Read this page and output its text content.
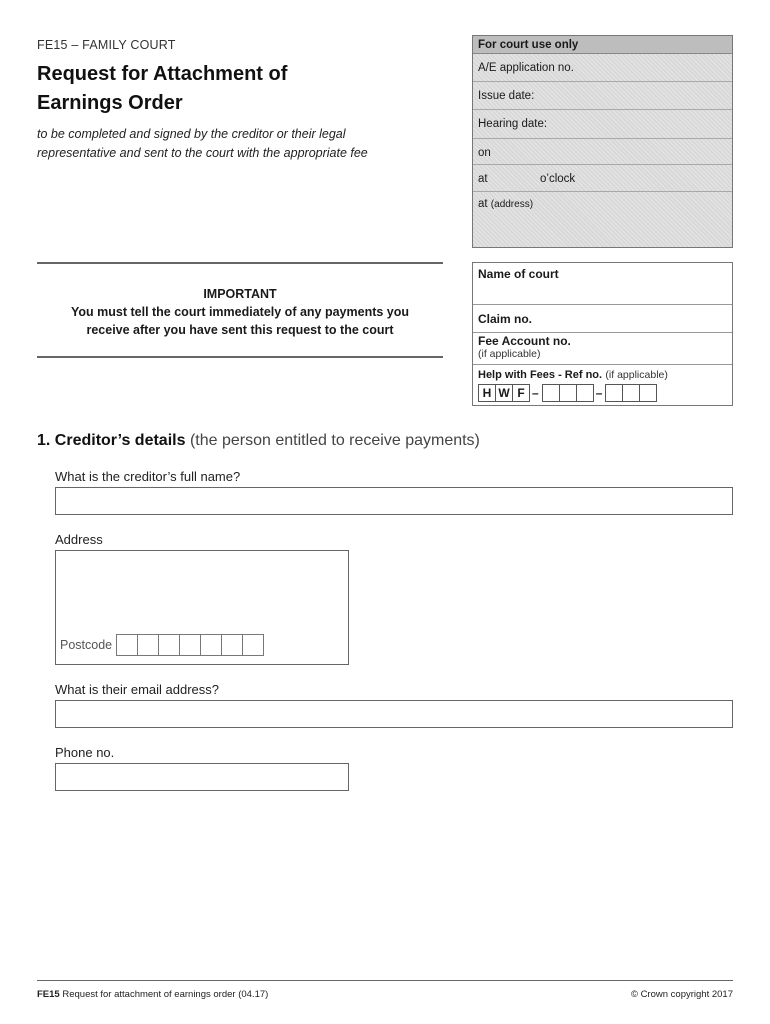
FE15 – FAMILY COURT
Request for Attachment of
Earnings Order
to be completed and signed by the creditor or their legal
representative and sent to the court with the appropriate fee
For court use only
A/E application no.
Issue date:
Hearing date:
on
at	o’clock
at (address)
IMPORTANT
You must tell the court immediately of any payments you
receive after you have sent this request to the court
Name of court
Claim no.
Fee Account no.
(if applicable)
Help with Fees - Ref no. (if applicable)
H W F –	–
1. Creditor’s details (the person entitled to receive payments)
What is the creditor’s full name?
Address
Postcode
What is their email address?
Phone no.
FE15 Request for attachment of earnings order (04.17)	© Crown copyright 2017
